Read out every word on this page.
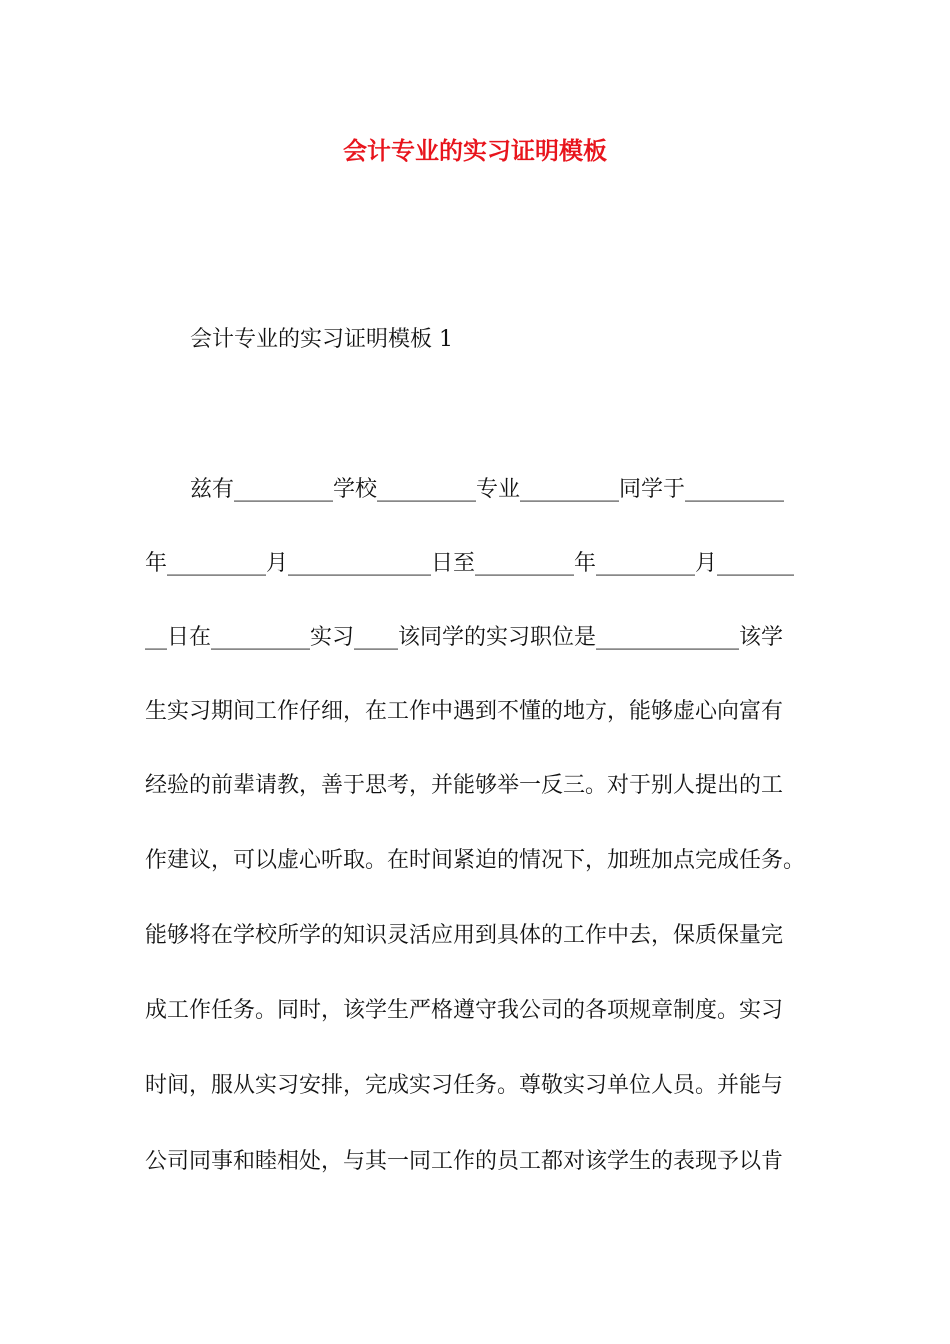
会计专业的实习证明模板
会计专业的实习证明模板 1
兹有_________学校_________专业_________同学于_________
年_________月_____________日至_________年_________月_______
__日在_________实习____该同学的实习职位是_____________该学
生实习期间工作仔细，在工作中遇到不懂的地方，能够虚心向富有
经验的前辈请教，善于思考，并能够举一反三。对于别人提出的工
作建议，可以虚心听取。在时间紧迫的情况下，加班加点完成任务。
能够将在学校所学的知识灵活应用到具体的工作中去，保质保量完
成工作任务。同时，该学生严格遵守我公司的各项规章制度。实习
时间，服从实习安排，完成实习任务。尊敬实习单位人员。并能与
公司同事和睦相处，与其一同工作的员工都对该学生的表现予以肯
